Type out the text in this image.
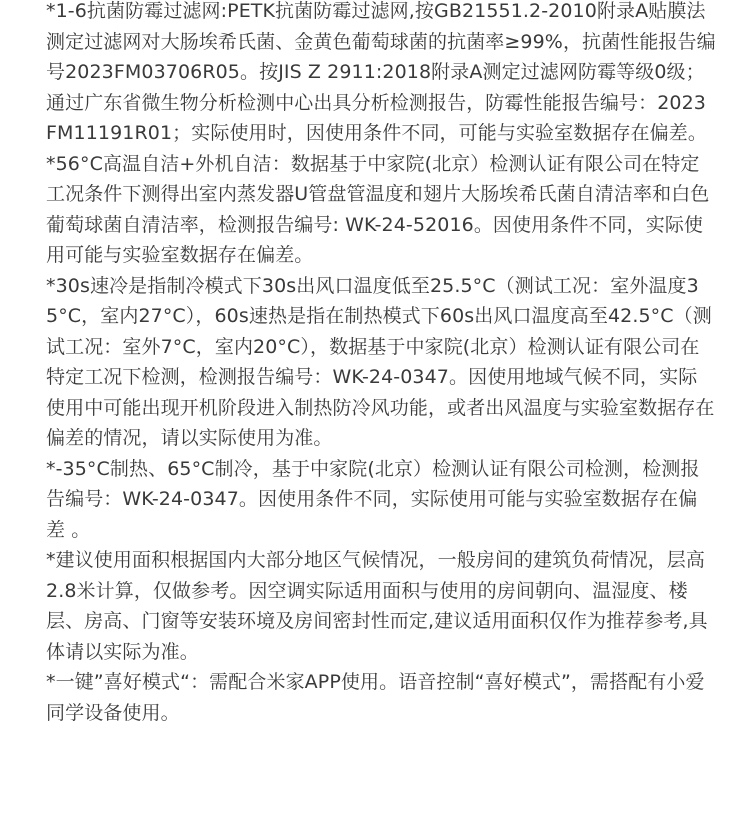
*1-6抗菌防霉过滤网:PETK抗菌防霉过滤网,按GB21551.2-2010附录A贴膜法测定过滤网对大肠埃希氏菌、金黄色葡萄球菌的抗菌率≥99%，抗菌性能报告编号2023FM03706R05。按JIS Z 2911:2018附录A测定过滤网防霉等级0级；通过广东省微生物分析检测中心出具分析检测报告，防霉性能报告编号：2023FM11191R01；实际使用时，因使用条件不同，可能与实验室数据存在偏差。

*56°C高温自洁+外机自洁：数据基于中家院(北京）检测认证有限公司在特定工况条件下测得出室内蒸发器U管盘管温度和翅片大肠埃希氏菌自清洁率和白色葡萄球菌自清洁率，检测报告编号: WK-24-52016。因使用条件不同，实际使用可能与实验室数据存在偏差。

*30s速冷是指制冷模式下30s出风口温度低至25.5°C（测试工况：室外温度35°C，室内27°C），60s速热是指在制热模式下60s出风口温度高至42.5°C（测试工况：室外7°C，室内20°C），数据基于中家院(北京）检测认证有限公司在特定工况下检测，检测报告编号：WK-24-0347。因使用地域气候不同，实际使用中可能出现开机阶段进入制热防冷风功能，或者出风温度与实验室数据存在偏差的情况，请以实际使用为准。

*-35°C制热、65°C制冷，基于中家院(北京）检测认证有限公司检测，检测报告编号：WK-24-0347。因使用条件不同，实际使用可能与实验室数据存在偏差 。

*建议使用面积根据国内大部分地区气候情况，一般房间的建筑负荷情况，层高2.8米计算，仅做参考。因空调实际适用面积与使用的房间朝向、温湿度、楼层、房高、门窗等安装环境及房间密封性而定,建议适用面积仅作为推荐参考,具体请以实际为准。

*一键”喜好模式“：需配合米家APP使用。语音控制“喜好模式”，需搭配有小爱同学设备使用。
